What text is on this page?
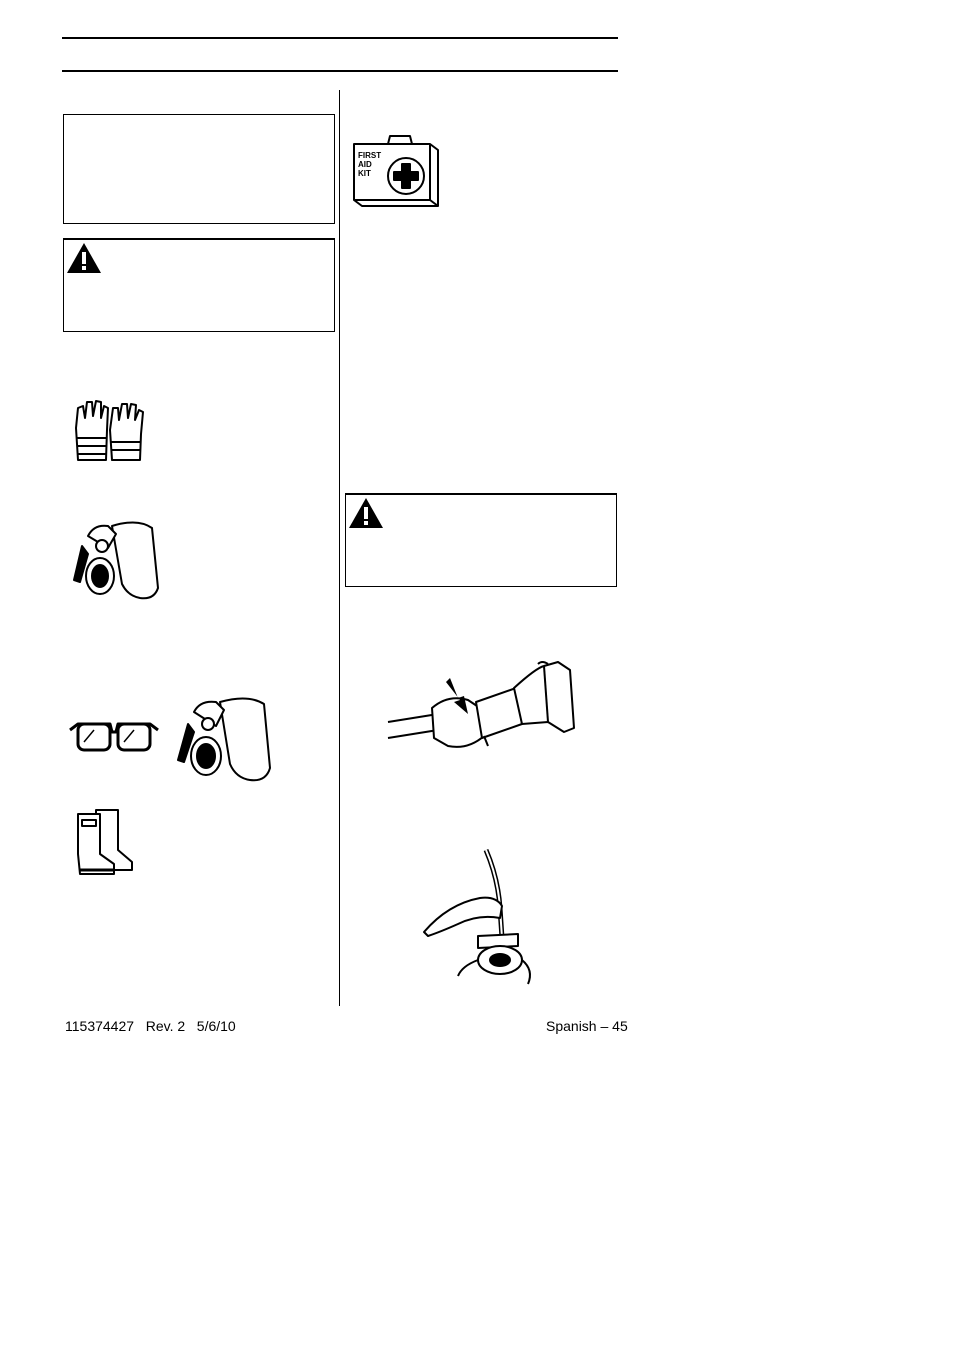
FIRST
AID
KIT
115374427   Rev. 2   5/6/10	Spanish – 45
